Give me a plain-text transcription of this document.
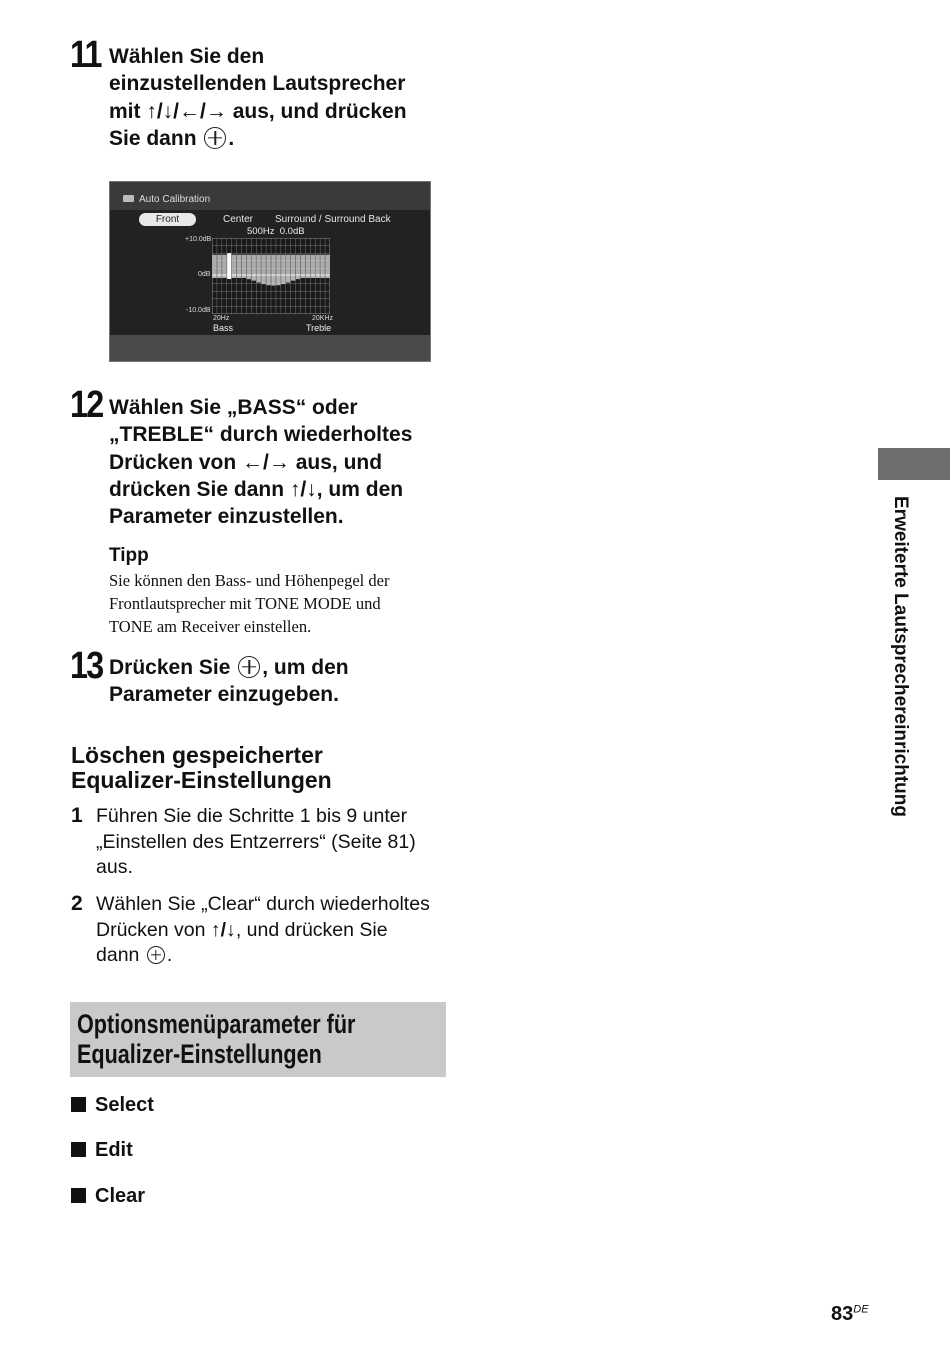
11 Wählen Sie den
einzustellenden Lautsprecher
mit ↑/↓/←/→ aus, und drücken
Sie dann .
Auto Calibration
Front	Center Surround / Surround Back
500Hz  0.0dB
+10.0dB
0dB
-10.0dB
20Hz	20KHz
Bass	Treble
12 Wählen Sie „BASS“ oder
„TREBLE“ durch wiederholtes
Drücken von ←/→ aus, und
drücken Sie dann ↑/↓, um den
Parameter einzustellen.
Tipp
Sie können den Bass- und Höhenpegel der
Frontlautsprecher mit TONE MODE und
TONE am Receiver einstellen.
13 Drücken Sie , um den
Parameter einzugeben.
Löschen gespeicherter
Equalizer-Einstellungen
1 Führen Sie die Schritte 1 bis 9 unter
„Einstellen des Entzerrers“ (Seite 81)
aus.
2 Wählen Sie „Clear“ durch wiederholtes
Drücken von ↑/↓, und drücken Sie
dann .
Optionsmenüparameter für
Equalizer-Einstellungen
Select
Edit
Clear
Erweiterte Lautsprechereinrichtung
83DE
